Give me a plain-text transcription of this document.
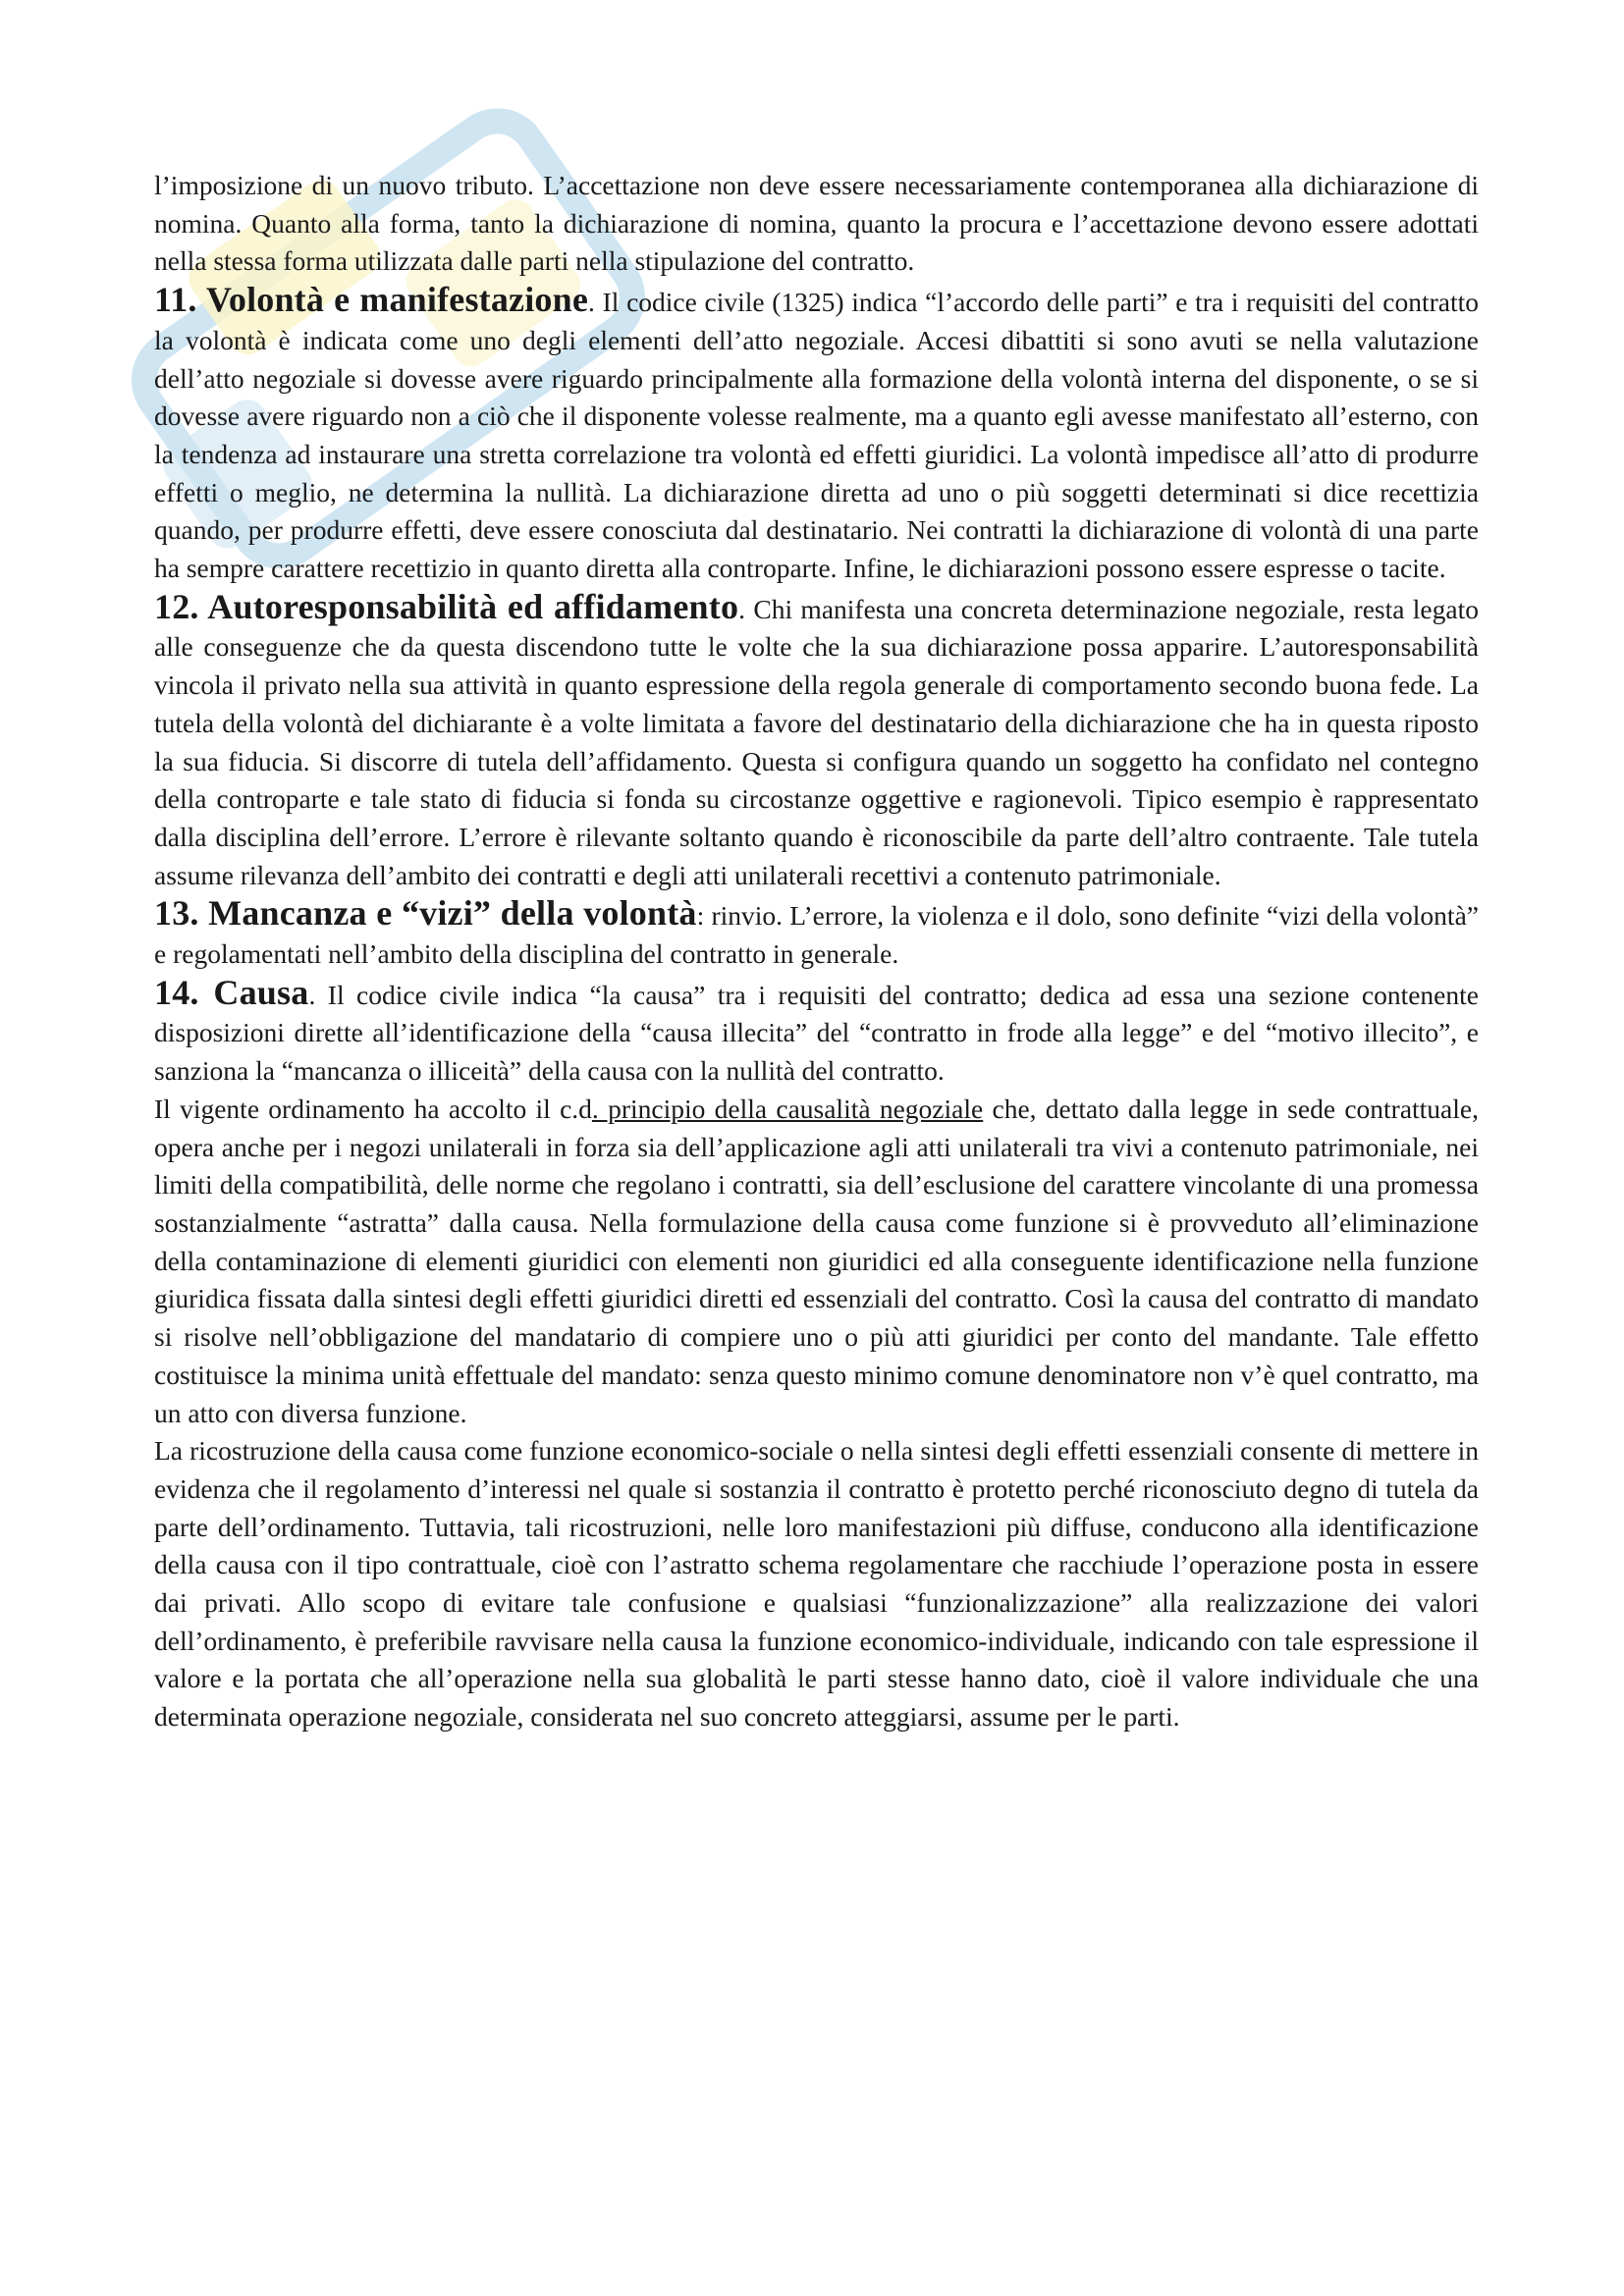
l’imposizione di un nuovo tributo. L’accettazione non deve essere necessariamente contemporanea alla dichiarazione di nomina. Quanto alla forma, tanto la dichiarazione di nomina, quanto la procura e l’accettazione devono essere adottati nella stessa forma utilizzata dalle parti nella stipulazione del contratto.

11. Volontà e manifestazione. Il codice civile (1325) indica “l’accordo delle parti” e tra i requisiti del contratto la volontà è indicata come uno degli elementi dell’atto negoziale. Accesi dibattiti si sono avuti se nella valutazione dell’atto negoziale si dovesse avere riguardo principalmente alla formazione della volontà interna del disponente, o se si dovesse avere riguardo non a ciò che il disponente volesse realmente, ma a quanto egli avesse manifestato all’esterno, con la tendenza ad instaurare una stretta correlazione tra volontà ed effetti giuridici. La volontà impedisce all’atto di produrre effetti o meglio, ne determina la nullità. La dichiarazione diretta ad uno o più soggetti determinati si dice recettizia quando, per produrre effetti, deve essere conosciuta dal destinatario. Nei contratti la dichiarazione di volontà di una parte ha sempre carattere recettizio in quanto diretta alla controparte. Infine, le dichiarazioni possono essere espresse o tacite.

12. Autoresponsabilità ed affidamento. Chi manifesta una concreta determinazione negoziale, resta legato alle conseguenze che da questa discendono tutte le volte che la sua dichiarazione possa apparire. L’autoresponsabilità vincola il privato nella sua attività in quanto espressione della regola generale di comportamento secondo buona fede. La tutela della volontà del dichiarante è a volte limitata a favore del destinatario della dichiarazione che ha in questa riposto la sua fiducia. Si discorre di tutela dell’affidamento. Questa si configura quando un soggetto ha confidato nel contegno della controparte e tale stato di fiducia si fonda su circostanze oggettive e ragionevoli. Tipico esempio è rappresentato dalla disciplina dell’errore. L’errore è rilevante soltanto quando è riconoscibile da parte dell’altro contraente. Tale tutela assume rilevanza dell’ambito dei contratti e degli atti unilaterali recettivi a contenuto patrimoniale.

13. Mancanza e “vizi” della volontà: rinvio. L’errore, la violenza e il dolo, sono definite “vizi della volontà” e regolamentati nell’ambito della disciplina del contratto in generale.

14. Causa. Il codice civile indica “la causa” tra i requisiti del contratto; dedica ad essa una sezione contenente disposizioni dirette all’identificazione della “causa illecita” del “contratto in frode alla legge” e del “motivo illecito”, e sanziona la “mancanza o illiceità” della causa con la nullità del contratto.

Il vigente ordinamento ha accolto il c.d. principio della causalità negoziale che, dettato dalla legge in sede contrattuale, opera anche per i negozi unilaterali in forza sia dell’applicazione agli atti unilaterali tra vivi a contenuto patrimoniale, nei limiti della compatibilità, delle norme che regolano i contratti, sia dell’esclusione del carattere vincolante di una promessa sostanzialmente “astratta” dalla causa. Nella formulazione della causa come funzione si è provveduto all’eliminazione della contaminazione di elementi giuridici con elementi non giuridici ed alla conseguente identificazione nella funzione giuridica fissata dalla sintesi degli effetti giuridici diretti ed essenziali del contratto. Così la causa del contratto di mandato si risolve nell’obbligazione del mandatario di compiere uno o più atti giuridici per conto del mandante. Tale effetto costituisce la minima unità effettuale del mandato: senza questo minimo comune denominatore non v’è quel contratto, ma un atto con diversa funzione.

La ricostruzione della causa come funzione economico-sociale o nella sintesi degli effetti essenziali consente di mettere in evidenza che il regolamento d’interessi nel quale si sostanzia il contratto è protetto perché riconosciuto degno di tutela da parte dell’ordinamento. Tuttavia, tali ricostruzioni, nelle loro manifestazioni più diffuse, conducono alla identificazione della causa con il tipo contrattuale, cioè con l’astratto schema regolamentare che racchiude l’operazione posta in essere dai privati. Allo scopo di evitare tale confusione e qualsiasi “funzionalizzazione” alla realizzazione dei valori dell’ordinamento, è preferibile ravvisare nella causa la funzione economico-individuale, indicando con tale espressione il valore e la portata che all’operazione nella sua globalità le parti stesse hanno dato, cioè il valore individuale che una determinata operazione negoziale, considerata nel suo concreto atteggiarsi, assume per le parti.
